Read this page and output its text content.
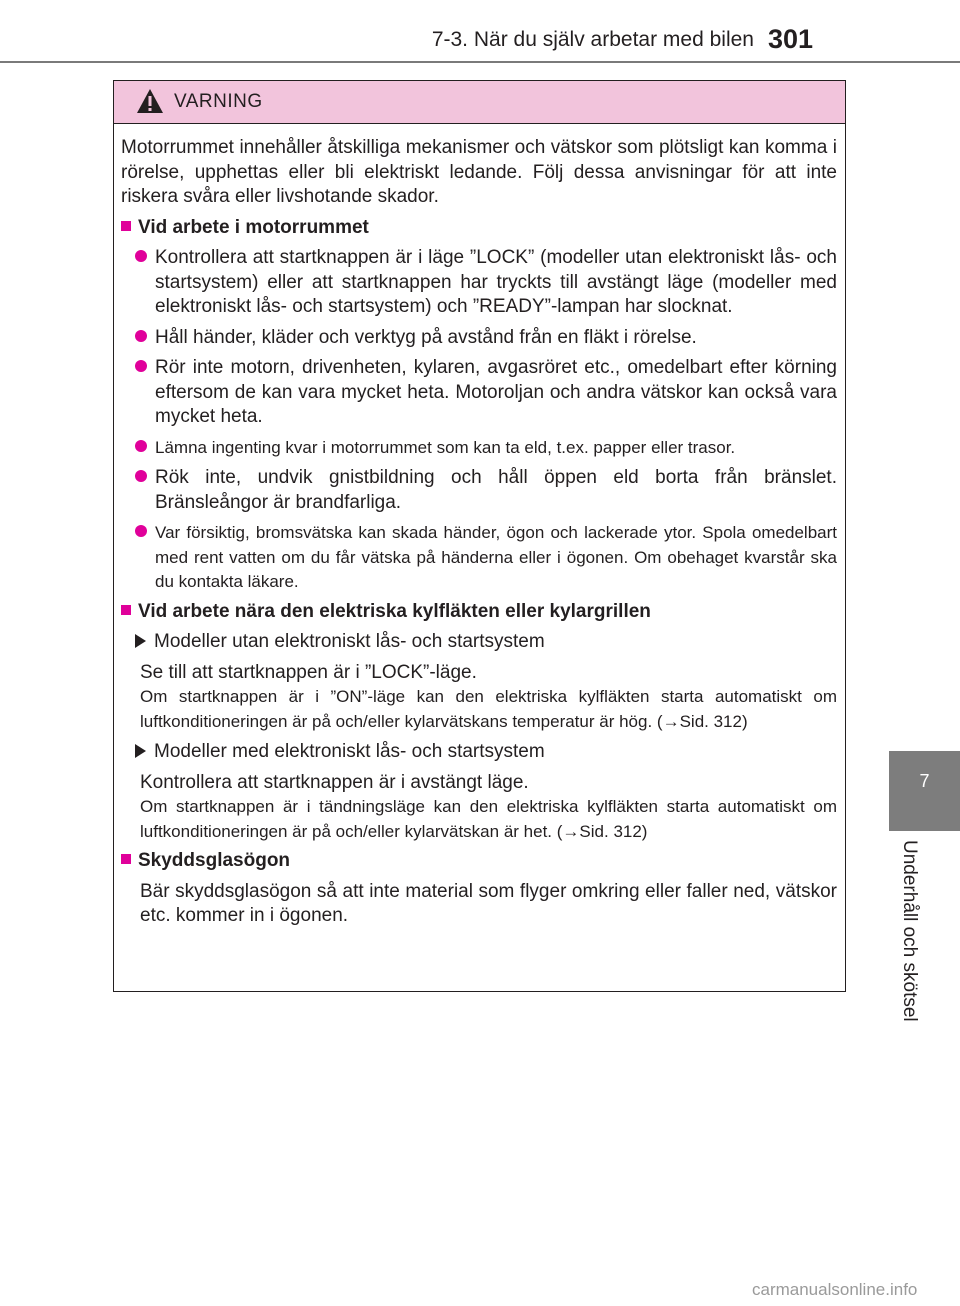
7-3. När du själv arbetar med bilen 301
7
Underhåll och skötsel
VARNING

Motorrummet innehåller åtskilliga mekanismer och vätskor som plötsligt kan komma i rörelse, upphettas eller bli elektriskt ledande. Följ dessa anvisningar för att inte riskera svåra eller livshotande skador.

Vid arbete i motorrummet
Kontrollera att startknappen är i läge ”LOCK” (modeller utan elektroniskt lås- och startsystem) eller att startknappen har tryckts till avstängt läge (modeller med elektroniskt lås- och startsystem) och ”READY”-lampan har slocknat.
Håll händer, kläder och verktyg på avstånd från en fläkt i rörelse.
Rör inte motorn, drivenheten, kylaren, avgasröret etc., omedelbart efter körning eftersom de kan vara mycket heta. Motoroljan och andra vätskor kan också vara mycket heta.
Lämna ingenting kvar i motorrummet som kan ta eld, t.ex. papper eller trasor.
Rök inte, undvik gnistbildning och håll öppen eld borta från bränslet. Bränsleångor är brandfarliga.
Var försiktig, bromsvätska kan skada händer, ögon och lackerade ytor. Spola omedelbart med rent vatten om du får vätska på händerna eller i ögonen. Om obehaget kvarstår ska du kontakta läkare.
Vid arbete nära den elektriska kylfläkten eller kylargrillen
Modeller utan elektroniskt lås- och startsystem

Se till att startknappen är i ”LOCK”-läge.

Om startknappen är i ”ON”-läge kan den elektriska kylfläkten starta automatiskt om luftkonditioneringen är på och/eller kylarvätskans temperatur är hög. (→Sid. 312)

Modeller med elektroniskt lås- och startsystem

Kontrollera att startknappen är i avstängt läge.

Om startknappen är i tändningsläge kan den elektriska kylfläkten starta automatiskt om luftkonditioneringen är på och/eller kylarvätskan är het. (→Sid. 312)

Skyddsglasögon

Bär skyddsglasögon så att inte material som flyger omkring eller faller ned, vätskor etc. kommer in i ögonen.

carmanualsonline.info
